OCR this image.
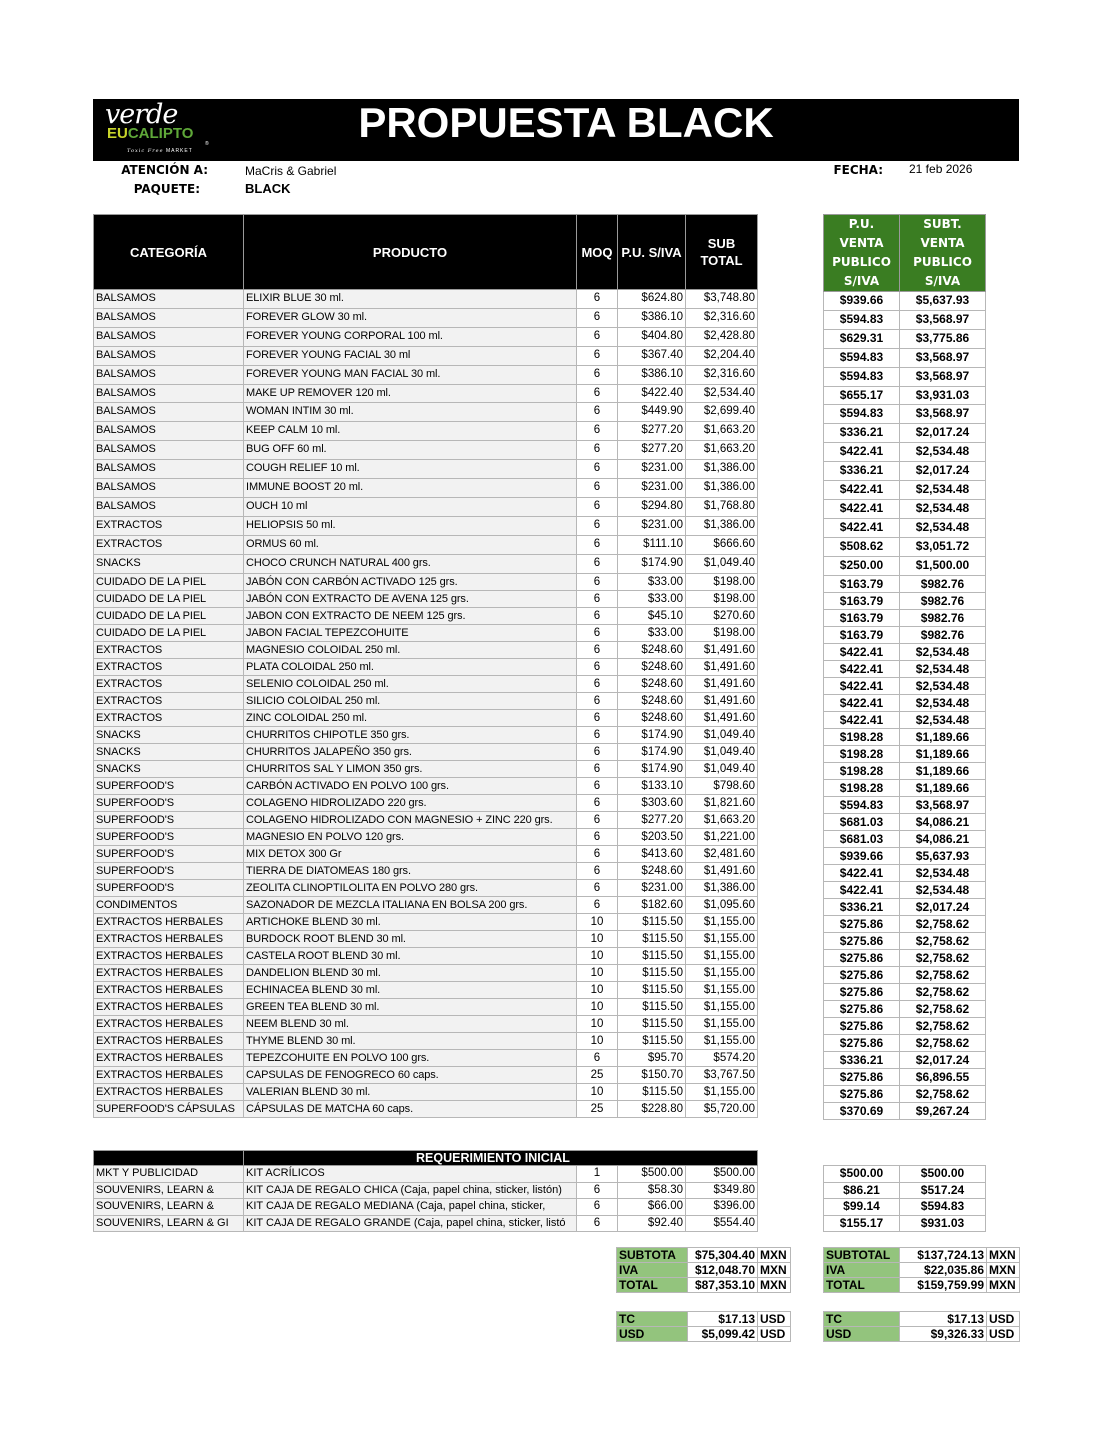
verde
EUCALIPTO
Toxic Free MARKET
®	PROPUESTA BLACK
ATENCIÓN A:	MaCris & Gabriel
PAQUETE:	BLACK
FECHA: 21 feb 2026
CATEGORÍA	PRODUCTO	MOQ	P.U. S/IVA	SUB TOTAL
BALSAMOS	ELIXIR BLUE 30 ml.	6	$624.80	$3,748.80
BALSAMOS	FOREVER GLOW 30 ml.	6	$386.10	$2,316.60
BALSAMOS	FOREVER YOUNG CORPORAL 100 ml.	6	$404.80	$2,428.80
BALSAMOS	FOREVER YOUNG FACIAL 30 ml	6	$367.40	$2,204.40
BALSAMOS	FOREVER YOUNG MAN FACIAL 30 ml.	6	$386.10	$2,316.60
BALSAMOS	MAKE UP REMOVER 120 ml.	6	$422.40	$2,534.40
BALSAMOS	WOMAN INTIM 30 ml.	6	$449.90	$2,699.40
BALSAMOS	KEEP CALM 10 ml.	6	$277.20	$1,663.20
BALSAMOS	BUG OFF 60 ml.	6	$277.20	$1,663.20
BALSAMOS	COUGH RELIEF 10 ml.	6	$231.00	$1,386.00
BALSAMOS	IMMUNE BOOST 20 ml.	6	$231.00	$1,386.00
BALSAMOS	OUCH 10 ml	6	$294.80	$1,768.80
EXTRACTOS	HELIOPSIS 50 ml.	6	$231.00	$1,386.00
EXTRACTOS	ORMUS 60 ml.	6	$111.10	$666.60
SNACKS	CHOCO CRUNCH NATURAL 400 grs.	6	$174.90	$1,049.40
CUIDADO DE LA PIEL	JABÓN CON CARBÓN ACTIVADO 125 grs.	6	$33.00	$198.00
CUIDADO DE LA PIEL	JABÓN CON EXTRACTO DE AVENA 125 grs.	6	$33.00	$198.00
CUIDADO DE LA PIEL	JABON CON EXTRACTO DE NEEM 125 grs.	6	$45.10	$270.60
CUIDADO DE LA PIEL	JABON FACIAL TEPEZCOHUITE	6	$33.00	$198.00
EXTRACTOS	MAGNESIO COLOIDAL 250 ml.	6	$248.60	$1,491.60
EXTRACTOS	PLATA COLOIDAL 250 ml.	6	$248.60	$1,491.60
EXTRACTOS	SELENIO COLOIDAL 250 ml.	6	$248.60	$1,491.60
EXTRACTOS	SILICIO COLOIDAL 250 ml.	6	$248.60	$1,491.60
EXTRACTOS	ZINC COLOIDAL 250 ml.	6	$248.60	$1,491.60
SNACKS	CHURRITOS CHIPOTLE 350 grs.	6	$174.90	$1,049.40
SNACKS	CHURRITOS JALAPEÑO 350 grs.	6	$174.90	$1,049.40
SNACKS	CHURRITOS SAL Y LIMON 350 grs.	6	$174.90	$1,049.40
SUPERFOOD'S	CARBÓN ACTIVADO EN POLVO 100 grs.	6	$133.10	$798.60
SUPERFOOD'S	COLAGENO HIDROLIZADO 220 grs.	6	$303.60	$1,821.60
SUPERFOOD'S	COLAGENO HIDROLIZADO CON MAGNESIO + ZINC 220 grs.	6	$277.20	$1,663.20
SUPERFOOD'S	MAGNESIO EN POLVO 120 grs.	6	$203.50	$1,221.00
SUPERFOOD'S	MIX DETOX 300 Gr	6	$413.60	$2,481.60
SUPERFOOD'S	TIERRA DE DIATOMEAS 180 grs.	6	$248.60	$1,491.60
SUPERFOOD'S	ZEOLITA CLINOPTILOLITA EN POLVO 280 grs.	6	$231.00	$1,386.00
CONDIMENTOS	SAZONADOR DE MEZCLA ITALIANA EN BOLSA 200 grs.	6	$182.60	$1,095.60
EXTRACTOS HERBALES	ARTICHOKE BLEND 30 ml.	10	$115.50	$1,155.00
EXTRACTOS HERBALES	BURDOCK ROOT BLEND 30 ml.	10	$115.50	$1,155.00
EXTRACTOS HERBALES	CASTELA ROOT BLEND 30 ml.	10	$115.50	$1,155.00
EXTRACTOS HERBALES	DANDELION BLEND 30 ml.	10	$115.50	$1,155.00
EXTRACTOS HERBALES	ECHINACEA BLEND 30 ml.	10	$115.50	$1,155.00
EXTRACTOS HERBALES	GREEN TEA BLEND 30 ml.	10	$115.50	$1,155.00
EXTRACTOS HERBALES	NEEM BLEND 30 ml.	10	$115.50	$1,155.00
EXTRACTOS HERBALES	THYME BLEND 30 ml.	10	$115.50	$1,155.00
EXTRACTOS HERBALES	TEPEZCOHUITE EN POLVO 100 grs.	6	$95.70	$574.20
EXTRACTOS HERBALES	CAPSULAS DE FENOGRECO 60 caps.	25	$150.70	$3,767.50
EXTRACTOS HERBALES	VALERIAN BLEND 30 ml.	10	$115.50	$1,155.00
SUPERFOOD'S CÁPSULAS	CÁPSULAS DE MATCHA 60 caps.	25	$228.80	$5,720.00
P.U. VENTA PUBLICO S/IVA	SUBT. VENTA PUBLICO S/IVA
$939.66	$5,637.93
$594.83	$3,568.97
$629.31	$3,775.86
$594.83	$3,568.97
$594.83	$3,568.97
$655.17	$3,931.03
$594.83	$3,568.97
$336.21	$2,017.24
$422.41	$2,534.48
$336.21	$2,017.24
$422.41	$2,534.48
$422.41	$2,534.48
$422.41	$2,534.48
$508.62	$3,051.72
$250.00	$1,500.00
$163.79	$982.76
$163.79	$982.76
$163.79	$982.76
$163.79	$982.76
$422.41	$2,534.48
$422.41	$2,534.48
$422.41	$2,534.48
$422.41	$2,534.48
$422.41	$2,534.48
$198.28	$1,189.66
$198.28	$1,189.66
$198.28	$1,189.66
$198.28	$1,189.66
$594.83	$3,568.97
$681.03	$4,086.21
$681.03	$4,086.21
$939.66	$5,637.93
$422.41	$2,534.48
$422.41	$2,534.48
$336.21	$2,017.24
$275.86	$2,758.62
$275.86	$2,758.62
$275.86	$2,758.62
$275.86	$2,758.62
$275.86	$2,758.62
$275.86	$2,758.62
$275.86	$2,758.62
$275.86	$2,758.62
$336.21	$2,017.24
$275.86	$6,896.55
$275.86	$2,758.62
$370.69	$9,267.24
	REQUERIMIENTO INICIAL			
MKT Y PUBLICIDAD	KIT ACRÍLICOS	1	$500.00	$500.00
SOUVENIRS, LEARN &	KIT CAJA DE REGALO CHICA (Caja, papel china, sticker, listón)	6	$58.30	$349.80
SOUVENIRS, LEARN &	KIT CAJA DE REGALO MEDIANA (Caja, papel china, sticker,	6	$66.00	$396.00
SOUVENIRS, LEARN & GI	KIT CAJA DE REGALO GRANDE (Caja, papel china, sticker, listó	6	$92.40	$554.40
$500.00	$500.00
$86.21	$517.24
$99.14	$594.83
$155.17	$931.03
SUBTOTA	$75,304.40	MXN
IVA	$12,048.70	MXN
TOTAL	$87,353.10	MXN
TC	$17.13	USD
USD	$5,099.42	USD
SUBTOTAL	$137,724.13	MXN
IVA	$22,035.86	MXN
TOTAL	$159,759.99	MXN
TC	$17.13	USD
USD	$9,326.33	USD
